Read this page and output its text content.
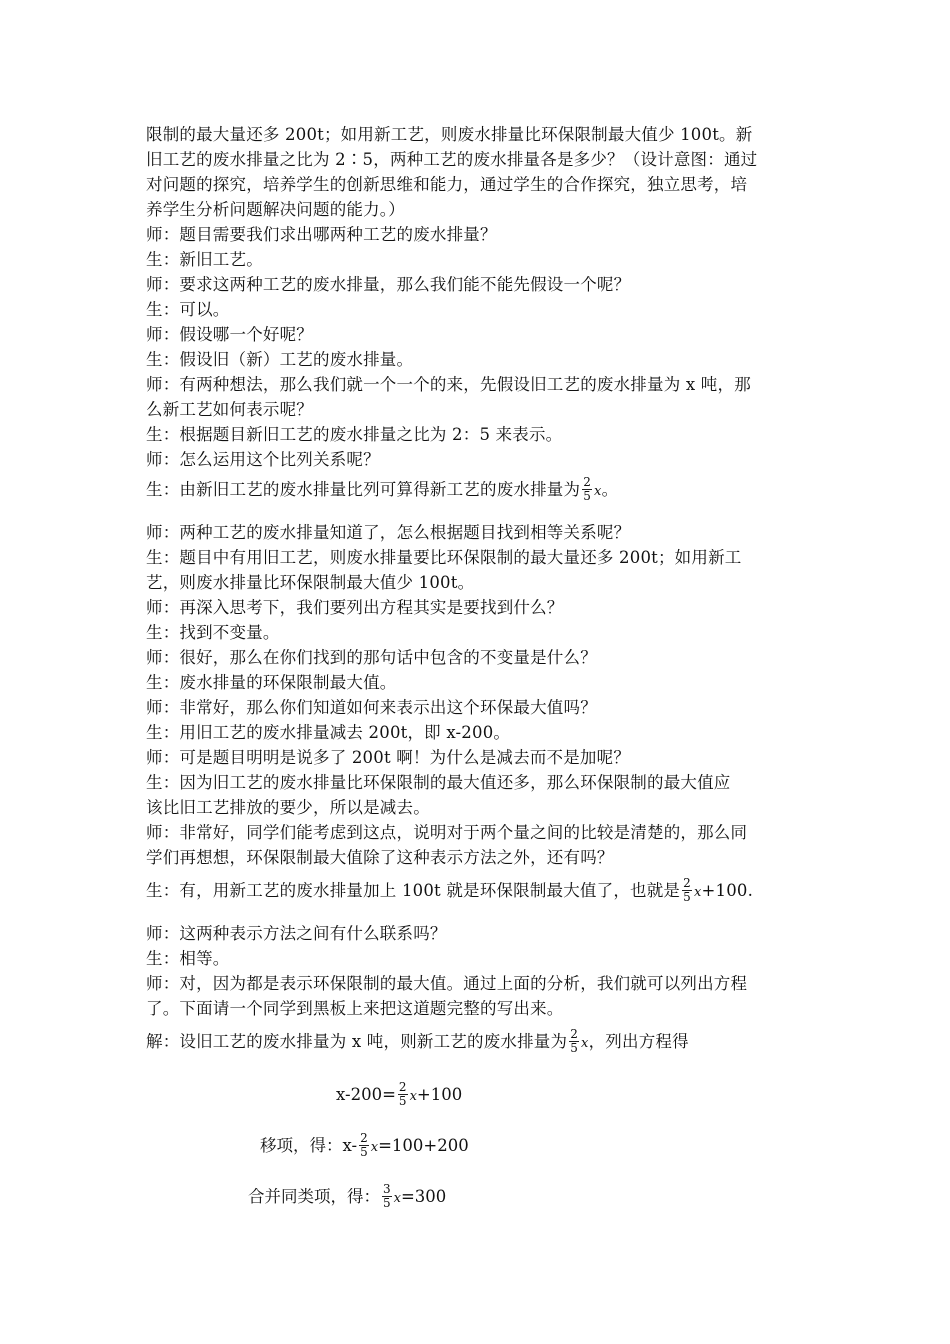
限制的最大量还多 200t；如用新工艺，则废水排量比环保限制最大值少 100t。新
旧工艺的废水排量之比为 2∶5，两种工艺的废水排量各是多少？（设计意图：通过
对问题的探究，培养学生的创新思维和能力，通过学生的合作探究，独立思考，培
养学生分析问题解决问题的能力。）
师：题目需要我们求出哪两种工艺的废水排量？
生：新旧工艺。
师：要求这两种工艺的废水排量，那么我们能不能先假设一个呢？
生：可以。
师：假设哪一个好呢？
生：假设旧（新）工艺的废水排量。
师：有两种想法，那么我们就一个一个的来，先假设旧工艺的废水排量为 x 吨，那
么新工艺如何表示呢？
生：根据题目新旧工艺的废水排量之比为 2：5 来表示。
师：怎么运用这个比列关系呢？
生：由新旧工艺的废水排量比列可算得新工艺的废水排量为 $\frac{2}{5}$ x。
师：两种工艺的废水排量知道了，怎么根据题目找到相等关系呢？
生：题目中有用旧工艺，则废水排量要比环保限制的最大量还多 200t；如用新工
艺，则废水排量比环保限制最大值少 100t。
师：再深入思考下，我们要列出方程其实是要找到什么？
生：找到不变量。
师：很好，那么在你们找到的那句话中包含的不变量是什么？
生：废水排量的环保限制最大值。
师：非常好，那么你们知道如何来表示出这个环保最大值吗？
生：用旧工艺的废水排量减去 200t，即 x-200。
师：可是题目明明是说多了 200t 啊！为什么是减去而不是加呢？
生：因为旧工艺的废水排量比环保限制的最大值还多，那么环保限制的最大值应
该比旧工艺排放的要少，所以是减去。
师：非常好，同学们能考虑到这点，说明对于两个量之间的比较是清楚的，那么同
学们再想想，环保限制最大值除了这种表示方法之外，还有吗？
生：有，用新工艺的废水排量加上 100t 就是环保限制最大值了，也就是 $\frac{2}{5} x+100$.
师：这两种表示方法之间有什么联系吗？
生：相等。
师：对，因为都是表示环保限制的最大值。通过上面的分析，我们就可以列出方程
了。下面请一个同学到黑板上来把这道题完整的写出来。
解：设旧工艺的废水排量为 x 吨，则新工艺的废水排量为 $\frac{2}{5}$ x，列出方程得
$x-200= \frac{2}{5} x+100$
移项，得：$x- \frac{2}{5} x=100+200$
合并同类项，得： $\frac{3}{5} x=300$
